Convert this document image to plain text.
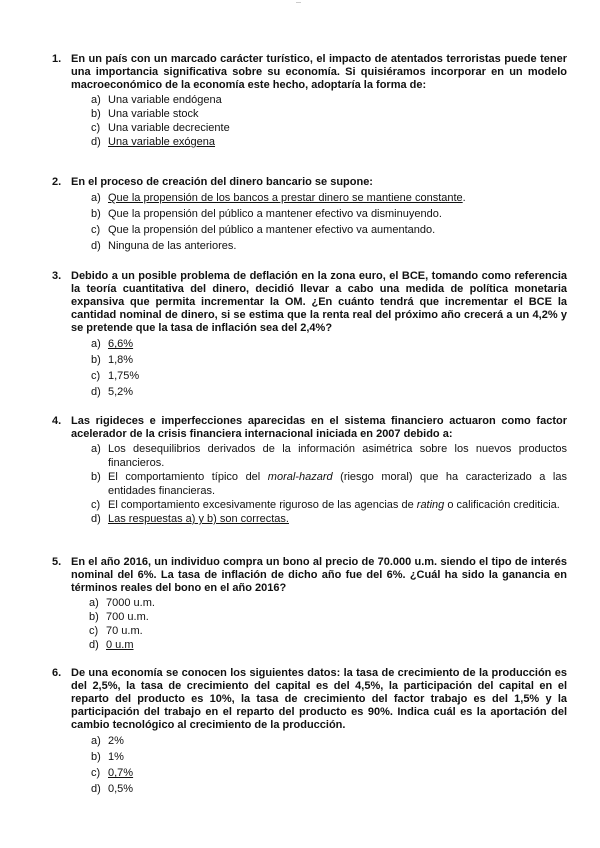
—
1. En un país con un marcado carácter turístico, el impacto de atentados terroristas puede tener una importancia significativa sobre su economía. Si quisiéramos incorporar en un modelo macroeconómico de la economía este hecho, adoptaría la forma de:
a) Una variable endógena
b) Una variable stock
c) Una variable decreciente
d) Una variable exógena
2. En el proceso de creación del dinero bancario se supone:
a) Que la propensión de los bancos a prestar dinero se mantiene constante.
b) Que la propensión del público a mantener efectivo va disminuyendo.
c) Que la propensión del público a mantener efectivo va aumentando.
d) Ninguna de las anteriores.
3. Debido a un posible problema de deflación en la zona euro, el BCE, tomando como referencia la teoría cuantitativa del dinero, decidió llevar a cabo una medida de política monetaria expansiva que permita incrementar la OM. ¿En cuánto tendrá que incrementar el BCE la cantidad nominal de dinero, si se estima que la renta real del próximo año crecerá a un 4,2% y se pretende que la tasa de inflación sea del 2,4%?
a) 6,6%
b) 1,8%
c) 1,75%
d) 5,2%
4. Las rigideces e imperfecciones aparecidas en el sistema financiero actuaron como factor acelerador de la crisis financiera internacional iniciada en 2007 debido a:
a) Los desequilibrios derivados de la información asimétrica sobre los nuevos productos financieros.
b) El comportamiento típico del moral-hazard (riesgo moral) que ha caracterizado a las entidades financieras.
c) El comportamiento excesivamente riguroso de las agencias de rating o calificación crediticia.
d) Las respuestas a) y b) son correctas.
5. En el año 2016, un individuo compra un bono al precio de 70.000 u.m. siendo el tipo de interés nominal del 6%. La tasa de inflación de dicho año fue del 6%. ¿Cuál ha sido la ganancia en términos reales del bono en el año 2016?
a) 7000 u.m.
b) 700 u.m.
c) 70 u.m.
d) 0 u.m
6. De una economía se conocen los siguientes datos: la tasa de crecimiento de la producción es del 2,5%, la tasa de crecimiento del capital es del 4,5%, la participación del capital en el reparto del producto es 10%, la tasa de crecimiento del factor trabajo es del 1,5% y la participación del trabajo en el reparto del producto es 90%. Indica cuál es la aportación del cambio tecnológico al crecimiento de la producción.
a) 2%
b) 1%
c) 0,7%
d) 0,5%
